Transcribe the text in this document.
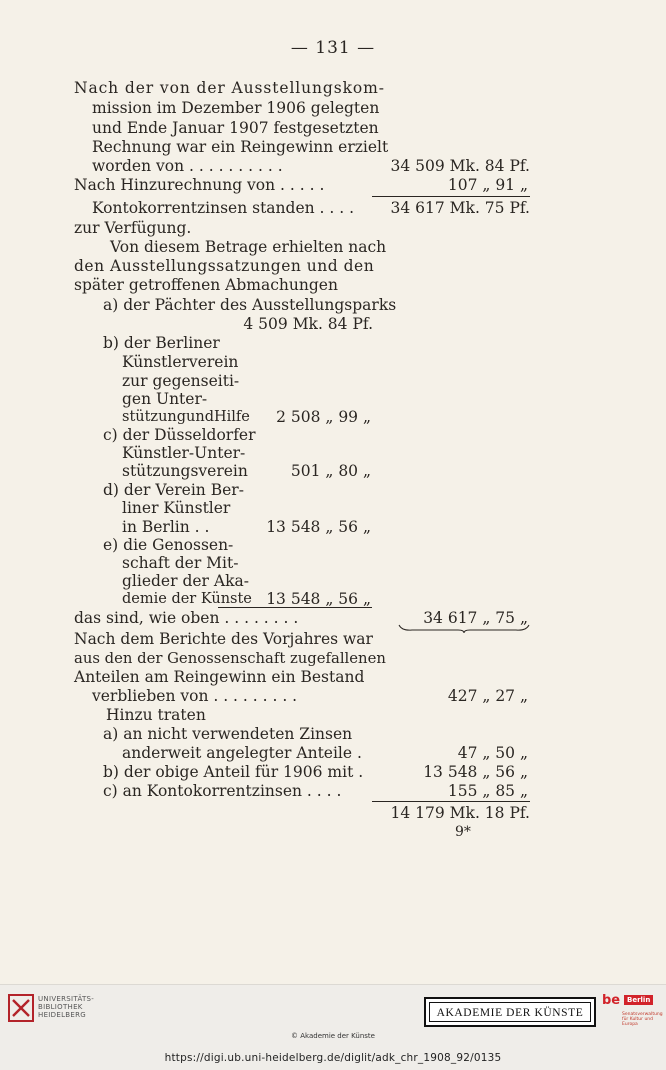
— 131 —
Nach der von der Ausstellungskom-
mission im Dezember 1906 gelegten
und Ende Januar 1907 festgesetzten
Rechnung war ein Reingewinn erzielt
worden von . . . . . . . . . .	34 509 Mk. 84 Pf.
Nach Hinzurechnung von . . . . .	107 „ 91 „
Kontokorrentzinsen standen . . . . 34 617 Mk. 75 Pf.
zur Verfügung.
Von diesem Betrage erhielten nach
den Ausstellungssatzungen und den
später getroffenen Abmachungen
a) der Pächter des Ausstellungsparks
4 509 Mk. 84 Pf.
b) der Berliner
Künstlerverein
zur gegenseiti-
gen Unter-
stützungundHilfe 2 508 „ 99 „
c) der Düsseldorfer
Künstler-Unter-
stützungsverein	501 „ 80 „
d) der Verein Ber-
liner Künstler
in Berlin . .	13 548 „ 56 „
e) die Genossen-
schaft der Mit-
glieder der Aka-
demie der Künste 13 548 „ 56 „
das sind, wie oben . . . . . . . .	34 617 „ 75 „
Nach dem Berichte des Vorjahres war
aus den der Genossenschaft zugefallenen
Anteilen am Reingewinn ein Bestand
verblieben von . . . . . . . . .	427 „ 27 „
Hinzu traten
a) an nicht verwendeten Zinsen
anderweit angelegter Anteile .	47 „ 50 „
b) der obige Anteil für 1906 mit .	13 548 „ 56 „
c) an Kontokorrentzinsen . . . .	155 „ 85 „
14 179 Mk. 18 Pf.
9*
UNIVERSITÄTS-
BIBLIOTHEK
HEIDELBERG	AKADEMIE DER KÜNSTE
be Berlin
Senatsverwaltung für Kultur und Europa
© Akademie der Künste
https://digi.ub.uni-heidelberg.de/diglit/adk_chr_1908_92/0135
